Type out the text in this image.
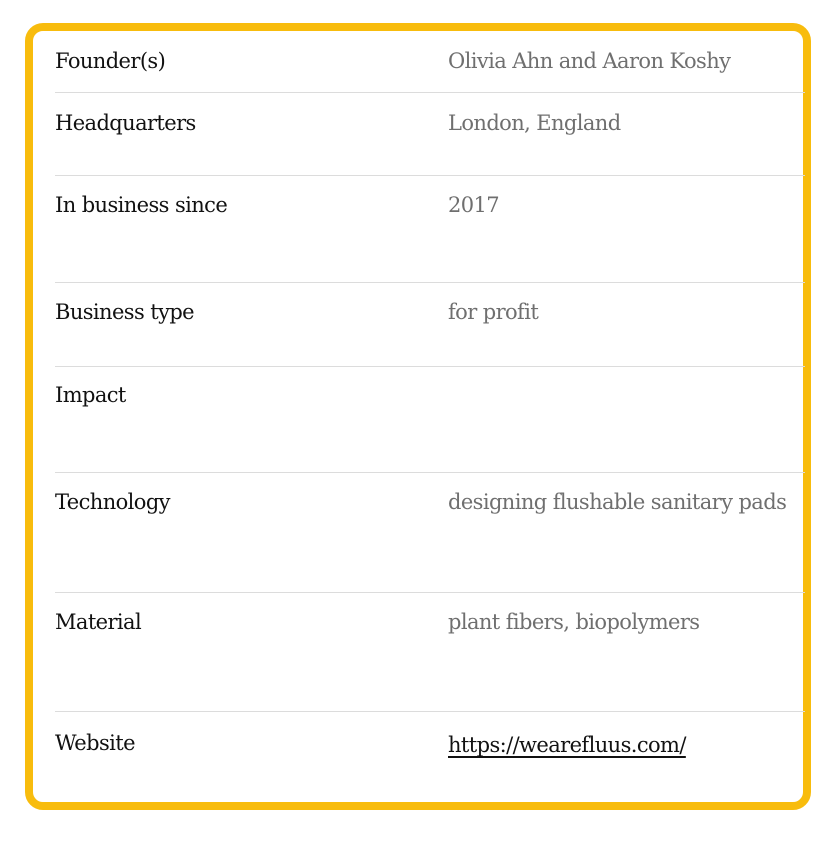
Founder(s)	Olivia Ahn and Aaron Koshy
Headquarters	London, England
In business since	2017
Business type	for profit
Impact
Technology	designing flushable sanitary pads
Material	plant fibers, biopolymers
Website	https://wearefluus.com/
